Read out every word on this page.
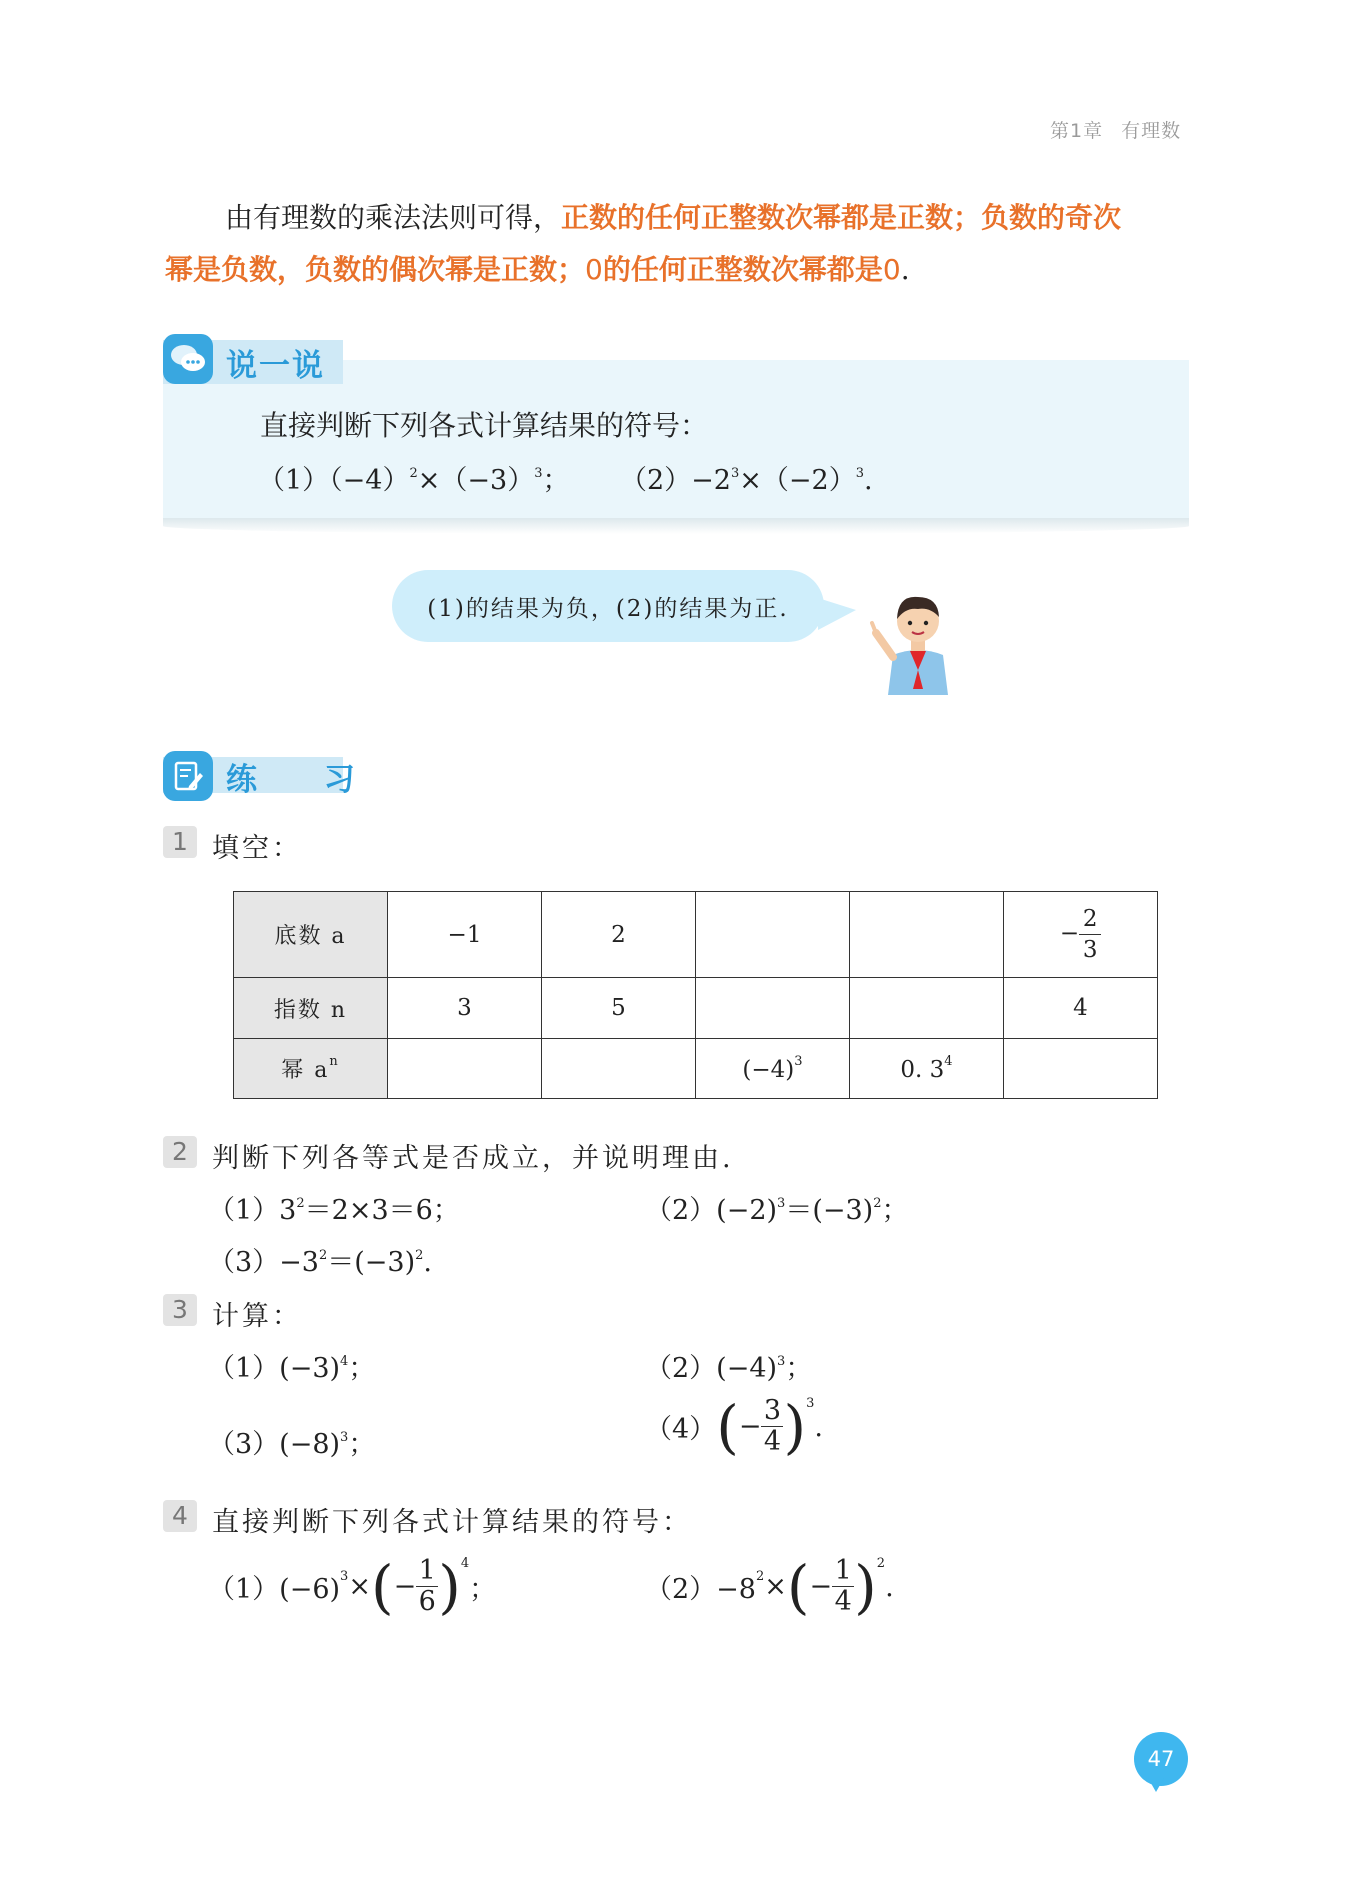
第1章 有理数
由有理数的乘法法则可得，正数的任何正整数次幂都是正数；负数的奇次
幂是负数，负数的偶次幂是正数；0的任何正整数次幂都是0.
说一说
直接判断下列各式计算结果的符号：
$(1)(-4)^2\times(-3)^3$； $(2)-2^3\times(-2)^3$.
(1)的结果为负，(2)的结果为正.
练 习
1 填空：
底数 a	−1	2			− $\frac{2}{3}$

指数 n	3	5			4
幂 $a^n$			$(-4)^3$	0. $3^4$	
2 判断下列各等式是否成立，并说明理由.
$(1)3^2=2\times 3=6$；	$(2)(-2)^3=(-3)^2$；
$(3)-3^2=(-3)^2$.
3 计算：
$(1)(-3)^4$；	$(2)(-4)^3$；
$(3)(-8)^3$；	（4） ( − $\frac{3}{4} )^3$
.
4 直接判断下列各式计算结果的符号：
$(1)(-6)^3$ × ( − $\frac{1}{6} )^4$
；	$(2)-8^2$ × ( − $\frac{1}{4} )^2$
.
47
